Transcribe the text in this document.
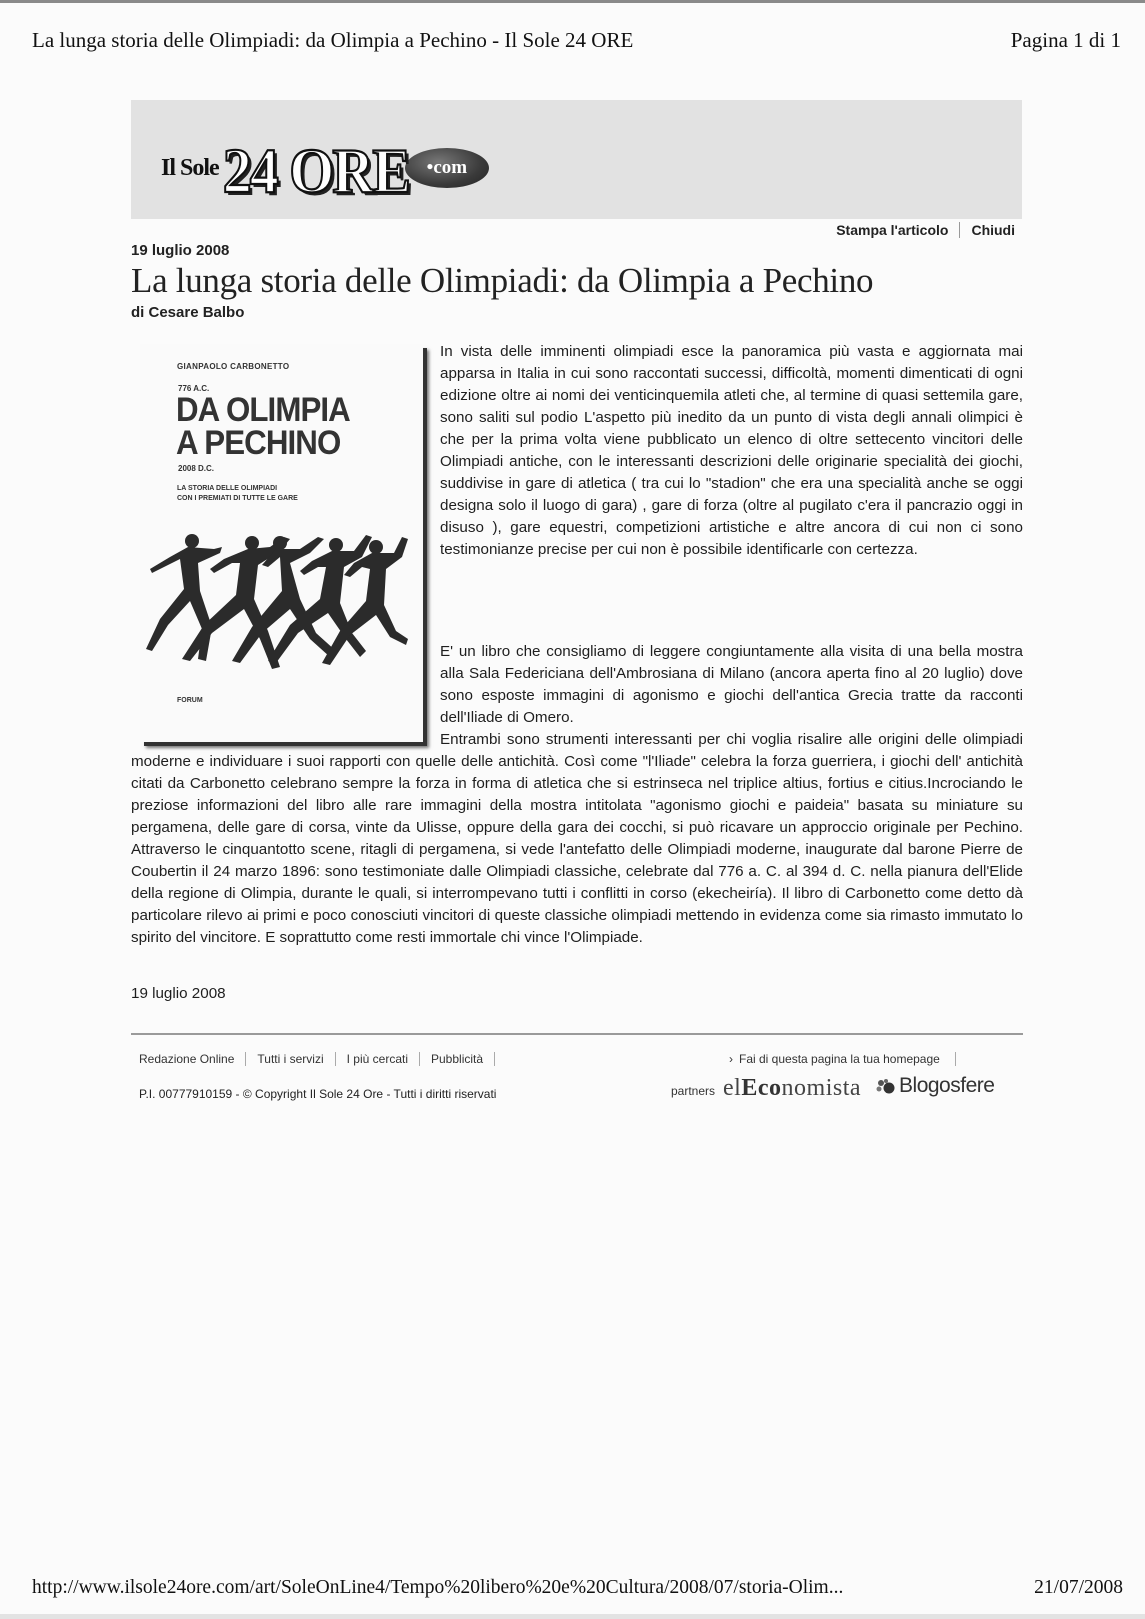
La lunga storia delle Olimpiadi: da Olimpia a Pechino - Il Sole 24 ORE	Pagina 1 di 1
Il Sole 24 ORE • com
Stampa l'articolo Chiudi
19 luglio 2008
La lunga storia delle Olimpiadi: da Olimpia a Pechino
di Cesare Balbo
GIANPAOLO CARBONETTO
776 A.C.
DA OLIMPIA
A PECHINO
2008 D.C.
LA STORIA DELLE OLIMPIADI
CON I PREMIATI DI TUTTE LE GARE
FORUM

In vista delle imminenti olimpiadi esce la panoramica più vasta e aggiornata mai apparsa in Italia in cui sono raccontati successi, difficoltà, momenti dimenticati di ogni edizione oltre ai nomi dei venticinquemila atleti che, al termine di quasi settemila gare, sono saliti sul podio L'aspetto più inedito da un punto di vista degli annali olimpici è che per la prima volta viene pubblicato un elenco di oltre settecento vincitori delle Olimpiadi antiche, con le interessanti descrizioni delle originarie specialità dei giochi, suddivise in gare di atletica ( tra cui lo "stadion" che era una specialità anche se oggi designa solo il luogo di gara) , gare di forza (oltre al pugilato c'era il pancrazio oggi in disuso ), gare equestri, competizioni artistiche e altre ancora di cui non ci sono testimonianze precise per cui non è possibile identificarle con certezza.

E' un libro che consigliamo di leggere congiuntamente alla visita di una bella mostra alla Sala Federiciana dell'Ambrosiana di Milano (ancora aperta fino al 20 luglio) dove sono esposte immagini di agonismo e giochi dell'antica Grecia tratte da racconti dell'Iliade di Omero.

Entrambi sono strumenti interessanti per chi voglia risalire alle origini delle olimpiadi moderne e individuare i suoi rapporti con quelle delle antichità. Così come "l'Iliade" celebra la forza guerriera, i giochi dell' antichità citati da Carbonetto celebrano sempre la forza in forma di atletica che si estrinseca nel triplice altius, fortius e citius.Incrociando le preziose informazioni del libro alle rare immagini della mostra intitolata "agonismo giochi e paideia" basata su miniature su pergamena, delle gare di corsa, vinte da Ulisse, oppure della gara dei cocchi, si può ricavare un approccio originale per Pechino. Attraverso le cinquantotto scene, ritagli di pergamena, si vede l'antefatto delle Olimpiadi moderne, inaugurate dal barone Pierre de Coubertin il 24 marzo 1896: sono testimoniate dalle Olimpiadi classiche, celebrate dal 776 a. C. al 394 d. C. nella pianura dell'Elide della regione di Olimpia, durante le quali, si interrompevano tutti i conflitti in corso (ekecheiría). Il libro di Carbonetto come detto dà particolare rilevo ai primi e poco conosciuti vincitori di queste classiche olimpiadi mettendo in evidenza come sia rimasto immutato lo spirito del vincitore. E soprattutto come resti immortale chi vince l'Olimpiade.

19 luglio 2008
Redazione Online Tutti i servizi I più cercati Pubblicità	› Fai di questa pagina la tua homepage
P.I. 00777910159 - © Copyright Il Sole 24 Ore - Tutti i diritti riservati	partners elEconomista Blogosfere
http://www.ilsole24ore.com/art/SoleOnLine4/Tempo%20libero%20e%20Cultura/2008/07/storia-Olim...	21/07/2008
